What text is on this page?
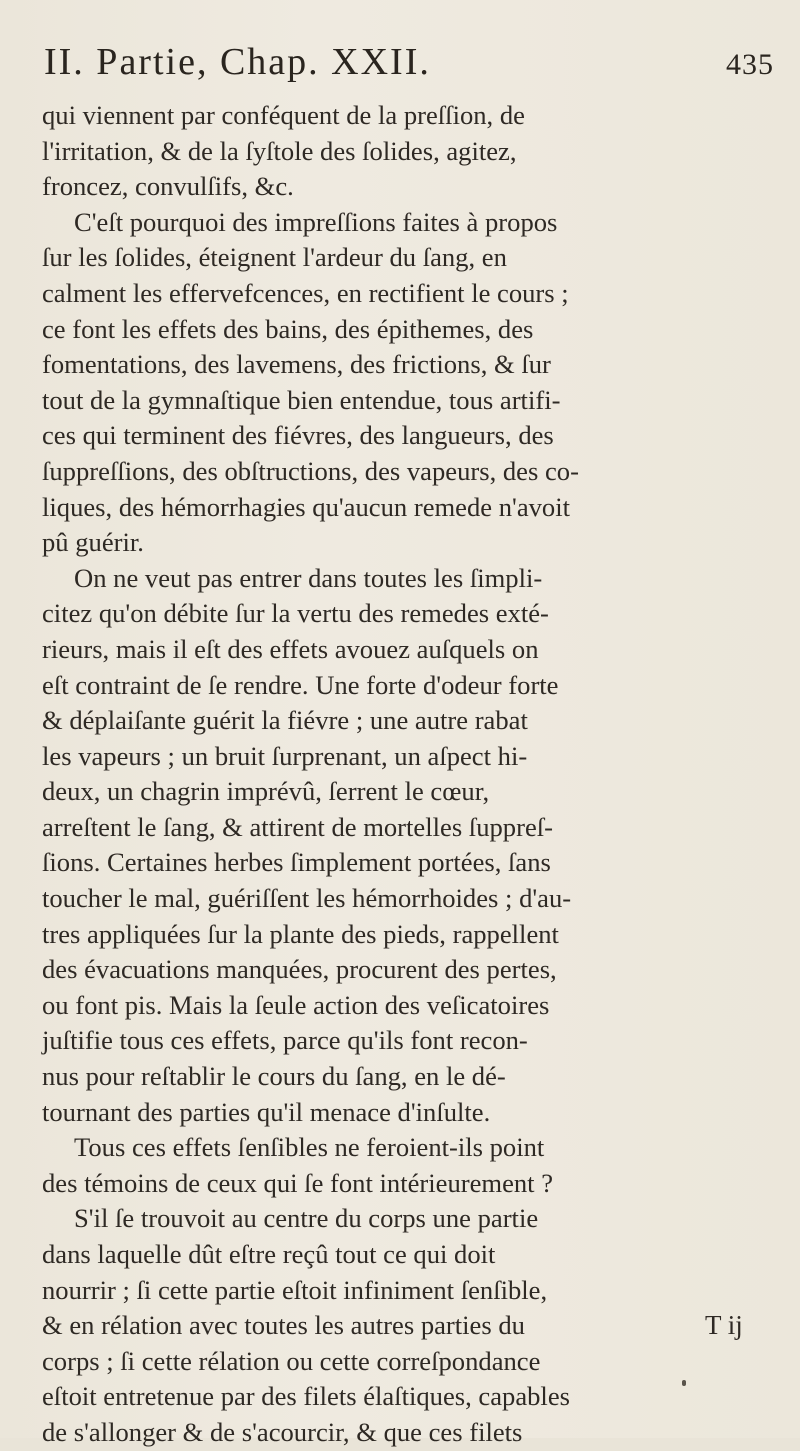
II. Partie, Chap. XXII.	435
qui viennent par conféquent de la preſſion, de
l'irritation, & de la ſyſtole des ſolides, agitez,
froncez, convulſifs, &c.
C'eſt pourquoi des impreſſions faites à propos
ſur les ſolides, éteignent l'ardeur du ſang, en
calment les effervefcences, en rectifient le cours ;
ce font les effets des bains, des épithemes, des
fomentations, des lavemens, des frictions, & ſur
tout de la gymnaſtique bien entendue, tous artifi-
ces qui terminent des fiévres, des langueurs, des
ſuppreſſions, des obſtructions, des vapeurs, des co-
liques, des hémorrhagies qu'aucun remede n'avoit
pû guérir.
On ne veut pas entrer dans toutes les ſimpli-
citez qu'on débite ſur la vertu des remedes exté-
rieurs, mais il eſt des effets avouez auſquels on
eſt contraint de ſe rendre. Une forte d'odeur forte
& déplaiſante guérit la fiévre ; une autre rabat
les vapeurs ; un bruit ſurprenant, un aſpect hi-
deux, un chagrin imprévû, ſerrent le cœur,
arreſtent le ſang, & attirent de mortelles ſuppreſ-
ſions. Certaines herbes ſimplement portées, ſans
toucher le mal, guériſſent les hémorrhoides ; d'au-
tres appliquées ſur la plante des pieds, rappellent
des évacuations manquées, procurent des pertes,
ou font pis. Mais la ſeule action des veſicatoires
juſtifie tous ces effets, parce qu'ils font recon-
nus pour reſtablir le cours du ſang, en le dé-
tournant des parties qu'il menace d'inſulte.
Tous ces effets ſenſibles ne feroient-ils point
des témoins de ceux qui ſe font intérieurement ?
S'il ſe trouvoit au centre du corps une partie
dans laquelle dût eſtre reçû tout ce qui doit
nourrir ; ſi cette partie eſtoit infiniment ſenſible,
& en rélation avec toutes les autres parties du
corps ; ſi cette rélation ou cette correſpondance
eſtoit entretenue par des filets élaſtiques, capables
de s'allonger & de s'acourcir, & que ces filets
T ij
